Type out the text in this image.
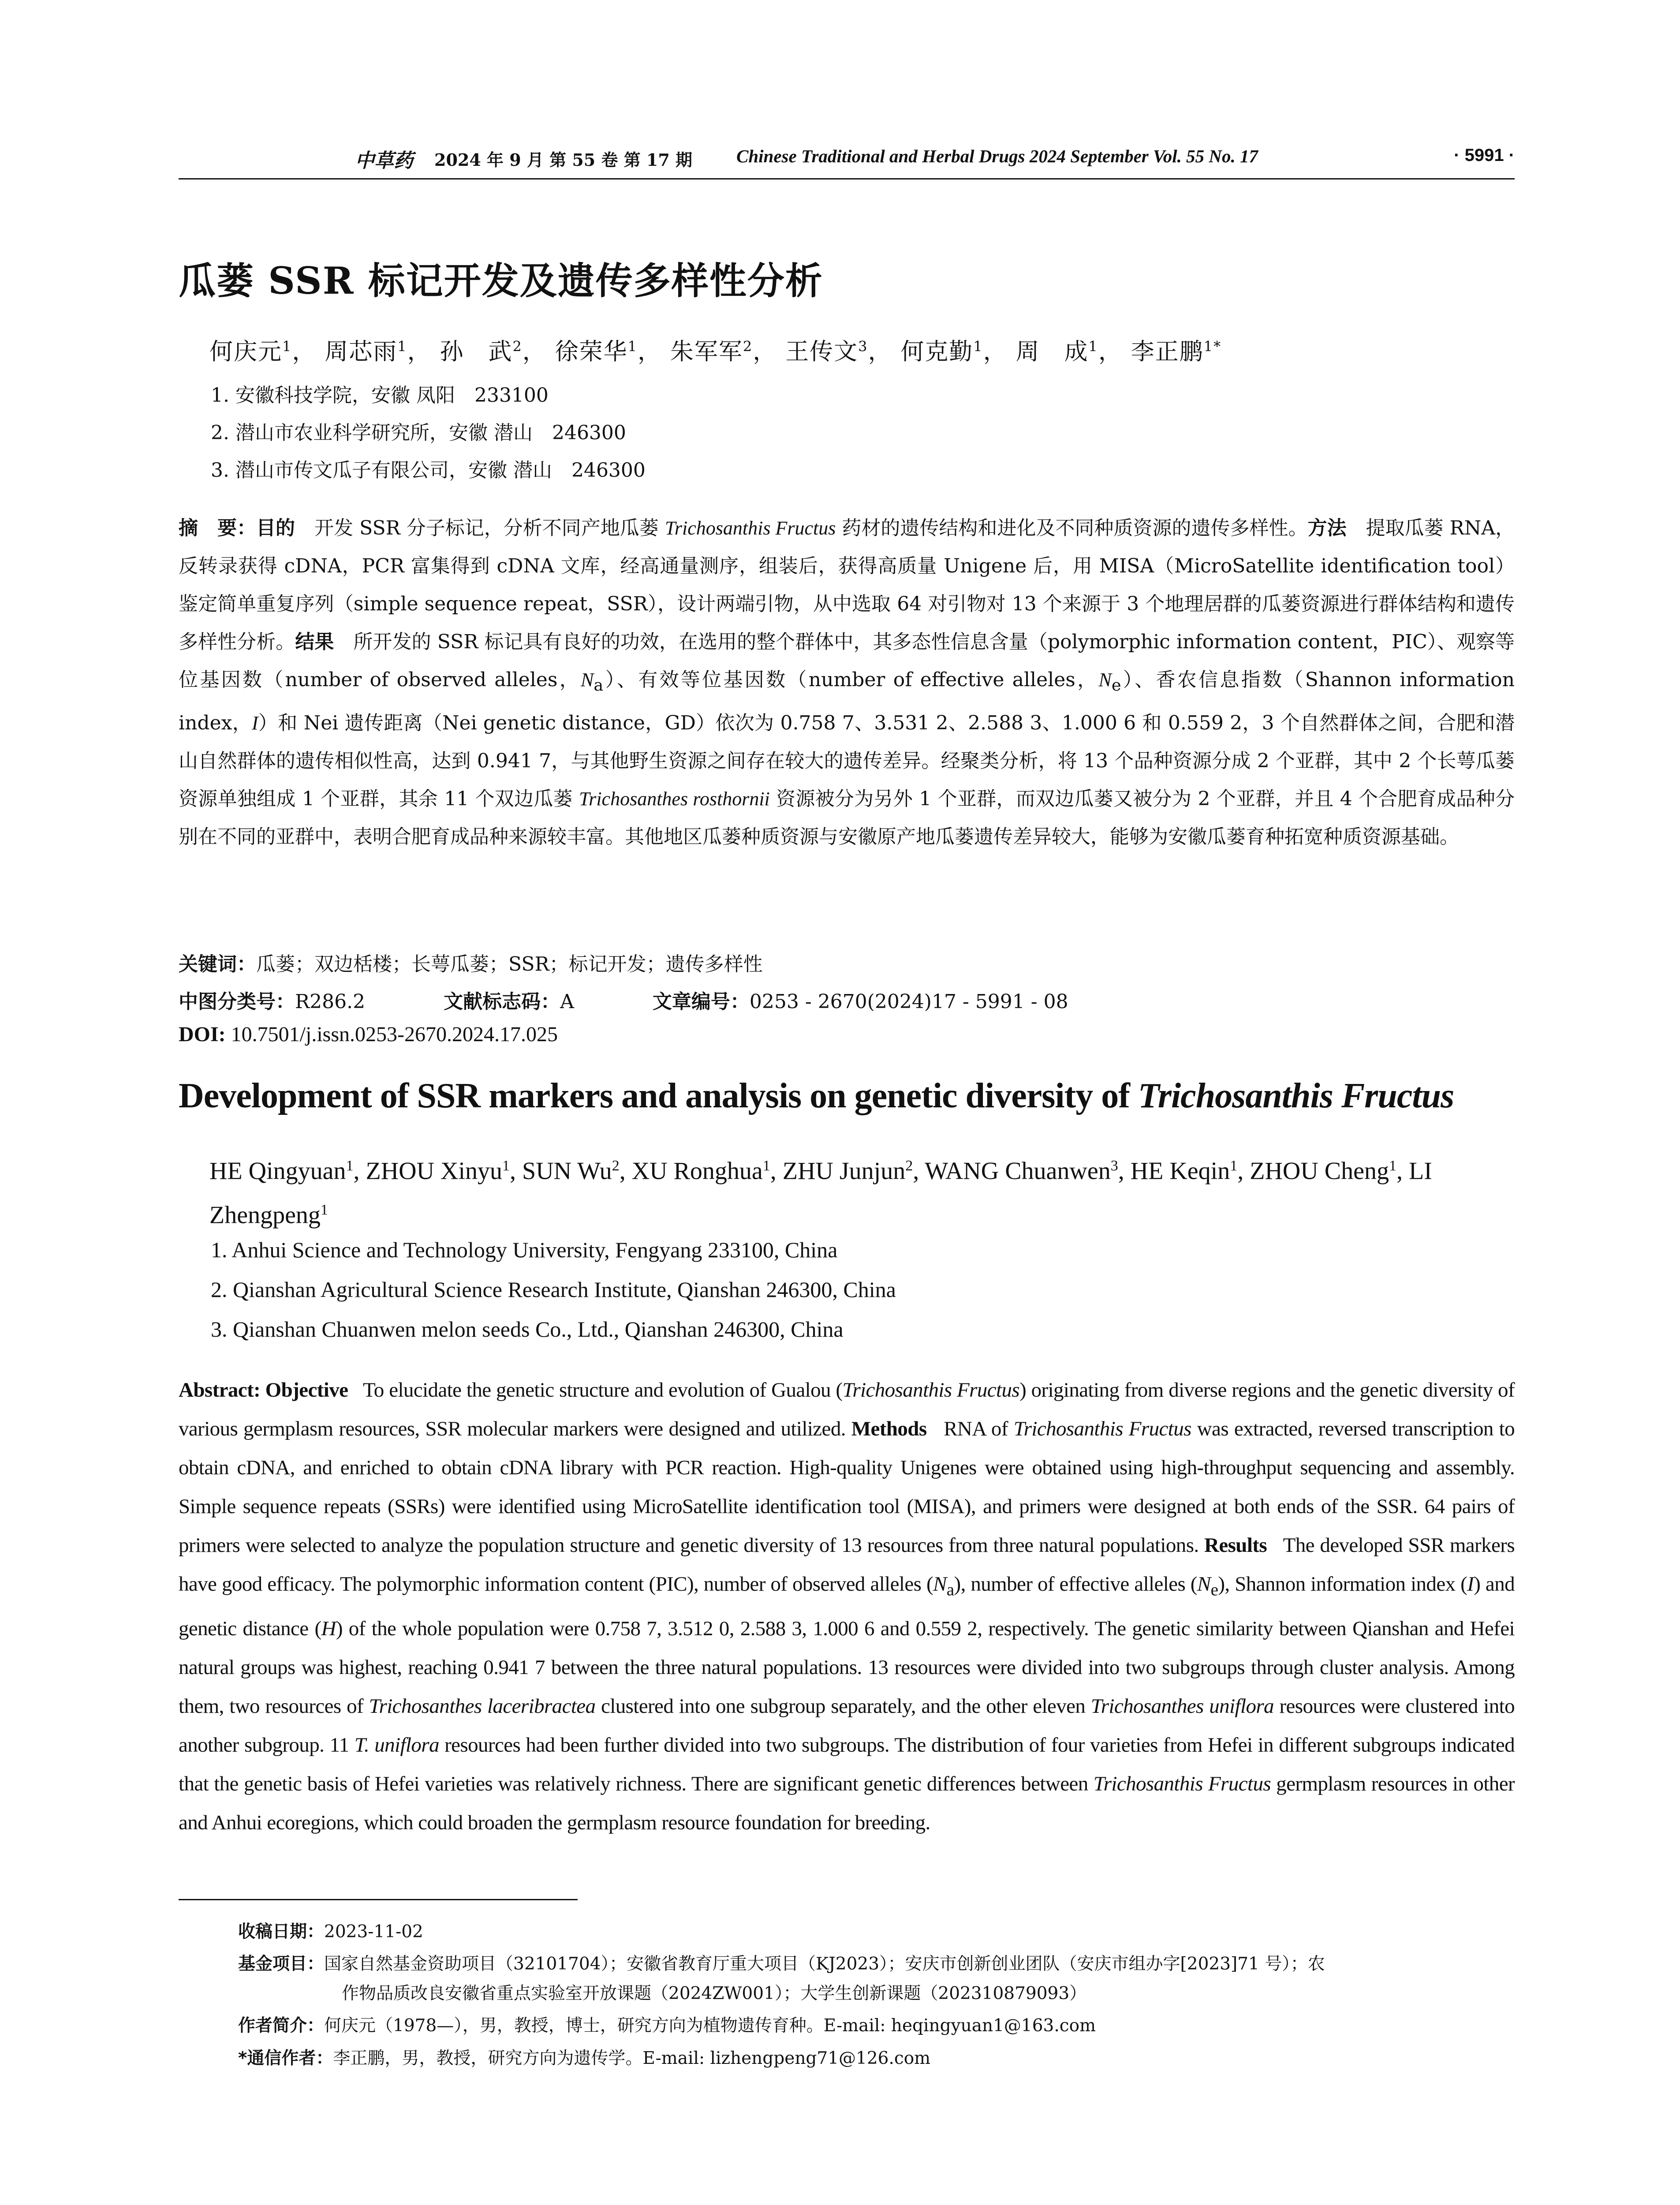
中草药 2024 年 9 月 第 55 卷 第 17 期 Chinese Traditional and Herbal Drugs 2024 September Vol. 55 No. 17	· 5991 ·
瓜蒌 SSR 标记开发及遗传多样性分析
何庆元$^1$， 周芯雨$^1$， 孙　武$^2$， 徐荣华$^1$， 朱军军$^2$， 王传文$^3$， 何克勤$^1$， 周　成$^1$， 李正鹏$^{1*}$
1. 安徽科技学院，安徽 凤阳　233100
2. 潜山市农业科学研究所，安徽 潜山　246300
3. 潜山市传文瓜子有限公司，安徽 潜山　246300
摘　要：目的　 开发 SSR 分子标记，分析不同产地瓜蒌 Trichosanthis Fructus 药材的遗传结构和进化及不同种质资源的遗传多样性。方法　 提取瓜蒌 RNA，反转录获得 cDNA，PCR 富集得到 cDNA 文库，经高通量测序，组装后，获得高质量 Unigene 后，用 MISA（MicroSatellite identification tool）鉴定简单重复序列（simple sequence repeat，SSR），设计两端引物，从中选取 64 对引物对 13 个来源于 3 个地理居群的瓜蒌资源进行群体结构和遗传多样性分析。结果　 所开发的 SSR 标记具有良好的功效，在选用的整个群体中，其多态性信息含量（polymorphic information content，PIC）、观察等位基因数（number of observed alleles，$N_a$）、有效等位基因数（number of effective alleles，$N_e$）、香农信息指数（Shannon information index，I）和 Nei 遗传距离（Nei genetic distance，GD）依次为 0.758 7、3.531 2、2.588 3、1.000 6 和 0.559 2，3 个自然群体之间，合肥和潜山自然群体的遗传相似性高，达到 0.941 7，与其他野生资源之间存在较大的遗传差异。经聚类分析，将 13 个品种资源分成 2 个亚群，其中 2 个长萼瓜蒌资源单独组成 1 个亚群，其余 11 个双边瓜蒌 Trichosanthes rosthornii 资源被分为另外 1 个亚群，而双边瓜蒌又被分为 2 个亚群，并且 4 个合肥育成品种分别在不同的亚群中，表明合肥育成品种来源较丰富。其他地区瓜蒌种质资源与安徽原产地瓜蒌遗传差异较大，能够为安徽瓜蒌育种拓宽种质资源基础。
关键词：瓜蒌；双边栝楼；长萼瓜蒌；SSR；标记开发；遗传多样性
中图分类号：R286.2	文献标志码：A	文章编号：0253 - 2670(2024)17 - 5991 - 08
DOI: 10.7501/j.issn.0253-2670.2024.17.025
Development of SSR markers and analysis on genetic diversity of Trichosanthis Fructus
HE Qingyuan$^1$, ZHOU Xinyu$^1$, SUN Wu$^2$, XU Ronghua$^1$, ZHU Junjun$^2$, WANG Chuanwen$^3$, HE Keqin$^1$, ZHOU Cheng$^1$, LI Zhengpeng$^1$
1. Anhui Science and Technology University, Fengyang 233100, China
2. Qianshan Agricultural Science Research Institute, Qianshan 246300, China
3. Qianshan Chuanwen melon seeds Co., Ltd., Qianshan 246300, China
Abstract: Objective To elucidate the genetic structure and evolution of Gualou (Trichosanthis Fructus) originating from diverse regions and the genetic diversity of various germplasm resources, SSR molecular markers were designed and utilized. Methods RNA of Trichosanthis Fructus was extracted, reversed transcription to obtain cDNA, and enriched to obtain cDNA library with PCR reaction. High-quality Unigenes were obtained using high-throughput sequencing and assembly. Simple sequence repeats (SSRs) were identified using MicroSatellite identification tool (MISA), and primers were designed at both ends of the SSR. 64 pairs of primers were selected to analyze the population structure and genetic diversity of 13 resources from three natural populations. Results The developed SSR markers have good efficacy. The polymorphic information content (PIC), number of observed alleles $(N_a)$, number of effective alleles $(N_e)$, Shannon information index (I) and genetic distance (H) of the whole population were 0.758 7, 3.512 0, 2.588 3, 1.000 6 and 0.559 2, respectively. The genetic similarity between Qianshan and Hefei natural groups was highest, reaching 0.941 7 between the three natural populations. 13 resources were divided into two subgroups through cluster analysis. Among them, two resources of Trichosanthes laceribractea clustered into one subgroup separately, and the other eleven Trichosanthes uniflora resources were clustered into another subgroup. 11 T. uniflora resources had been further divided into two subgroups. The distribution of four varieties from Hefei in different subgroups indicated that the genetic basis of Hefei varieties was relatively richness. There are significant genetic differences between Trichosanthis Fructus germplasm resources in other and Anhui ecoregions, which could broaden the germplasm resource foundation for breeding.
收稿日期：2023-11-02
基金项目：国家自然基金资助项目（32101704）；安徽省教育厅重大项目（KJ2023）；安庆市创新创业团队（安庆市组办字[2023]71 号）；农
作物品质改良安徽省重点实验室开放课题（2024ZW001）；大学生创新课题（202310879093）
作者简介：何庆元（1978—），男，教授，博士，研究方向为植物遗传育种。E-mail: heqingyuan1@163.com
*通信作者：李正鹏，男，教授，研究方向为遗传学。E-mail: lizhengpeng71@126.com
